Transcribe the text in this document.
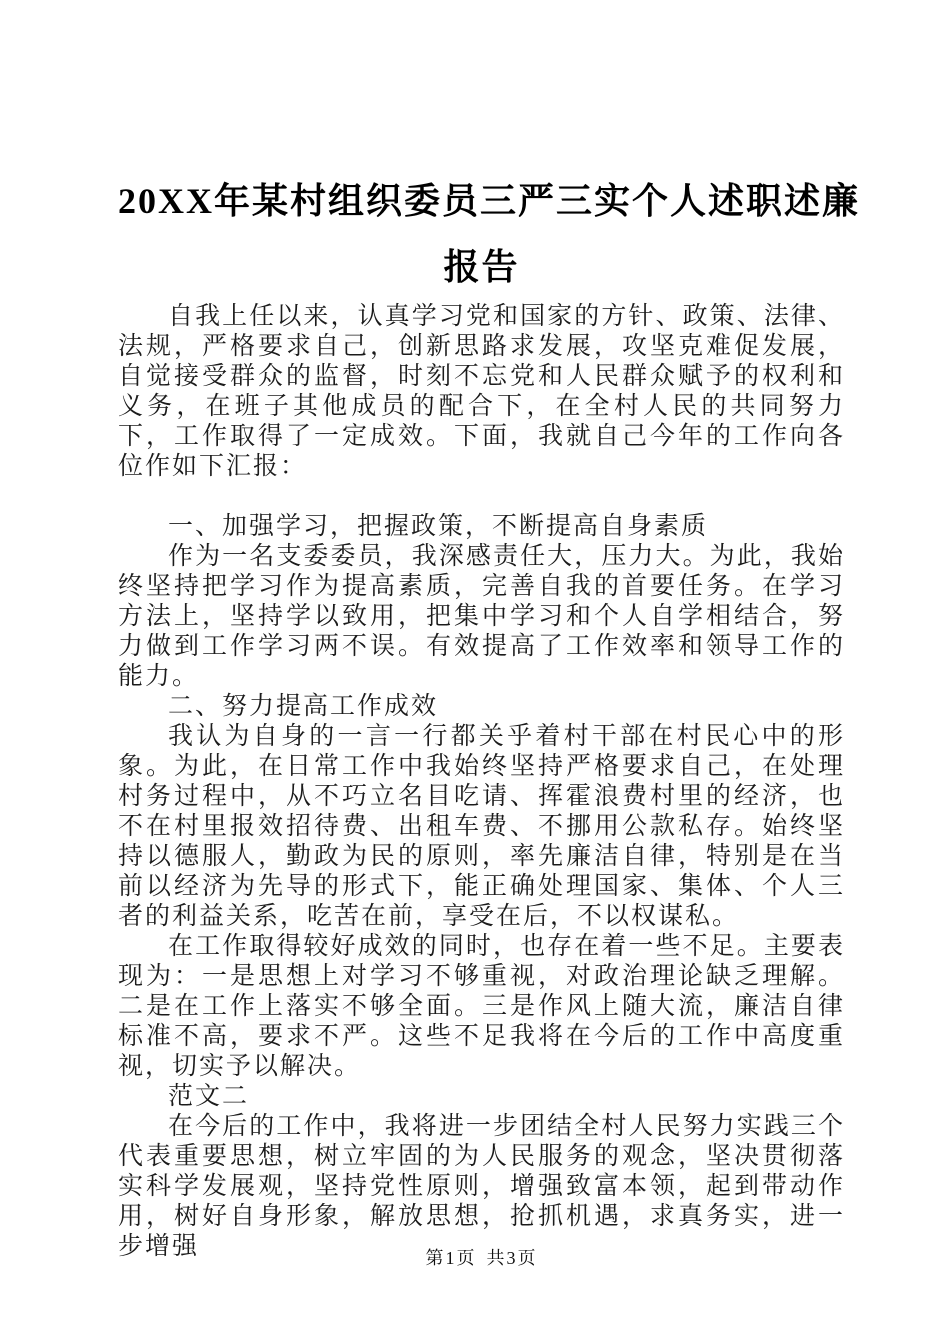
20XX年某村组织委员三严三实个人述职述廉
报告

自我上任以来，认真学习党和国家的方针、政策、法律、法规，严格要求自己，创新思路求发展，攻坚克难促发展，自觉接受群众的监督，时刻不忘党和人民群众赋予的权利和义务，在班子其他成员的配合下，在全村人民的共同努力下，工作取得了一定成效。下面，我就自己今年的工作向各位作如下汇报：

一、加强学习，把握政策，不断提高自身素质

作为一名支委委员，我深感责任大，压力大。为此，我始终坚持把学习作为提高素质，完善自我的首要任务。在学习方法上，坚持学以致用，把集中学习和个人自学相结合，努力做到工作学习两不误。有效提高了工作效率和领导工作的能力。

二、努力提高工作成效

我认为自身的一言一行都关乎着村干部在村民心中的形象。为此，在日常工作中我始终坚持严格要求自己，在处理村务过程中，从不巧立名目吃请、挥霍浪费村里的经济，也不在村里报效招待费、出租车费、不挪用公款私存。始终坚持以德服人，勤政为民的原则，率先廉洁自律，特别是在当前以经济为先导的形式下，能正确处理国家、集体、个人三者的利益关系，吃苦在前，享受在后，不以权谋私。

在工作取得较好成效的同时，也存在着一些不足。主要表现为：一是思想上对学习不够重视，对政治理论缺乏理解。二是在工作上落实不够全面。三是作风上随大流，廉洁自律标准不高，要求不严。这些不足我将在今后的工作中高度重视，切实予以解决。

范文二

在今后的工作中，我将进一步团结全村人民努力实践三个代表重要思想，树立牢固的为人民服务的观念，坚决贯彻落实科学发展观，坚持党性原则，增强致富本领，起到带动作用，树好自身形象，解放思想，抢抓机遇，求真务实，进一步增强	第1页 共3页
